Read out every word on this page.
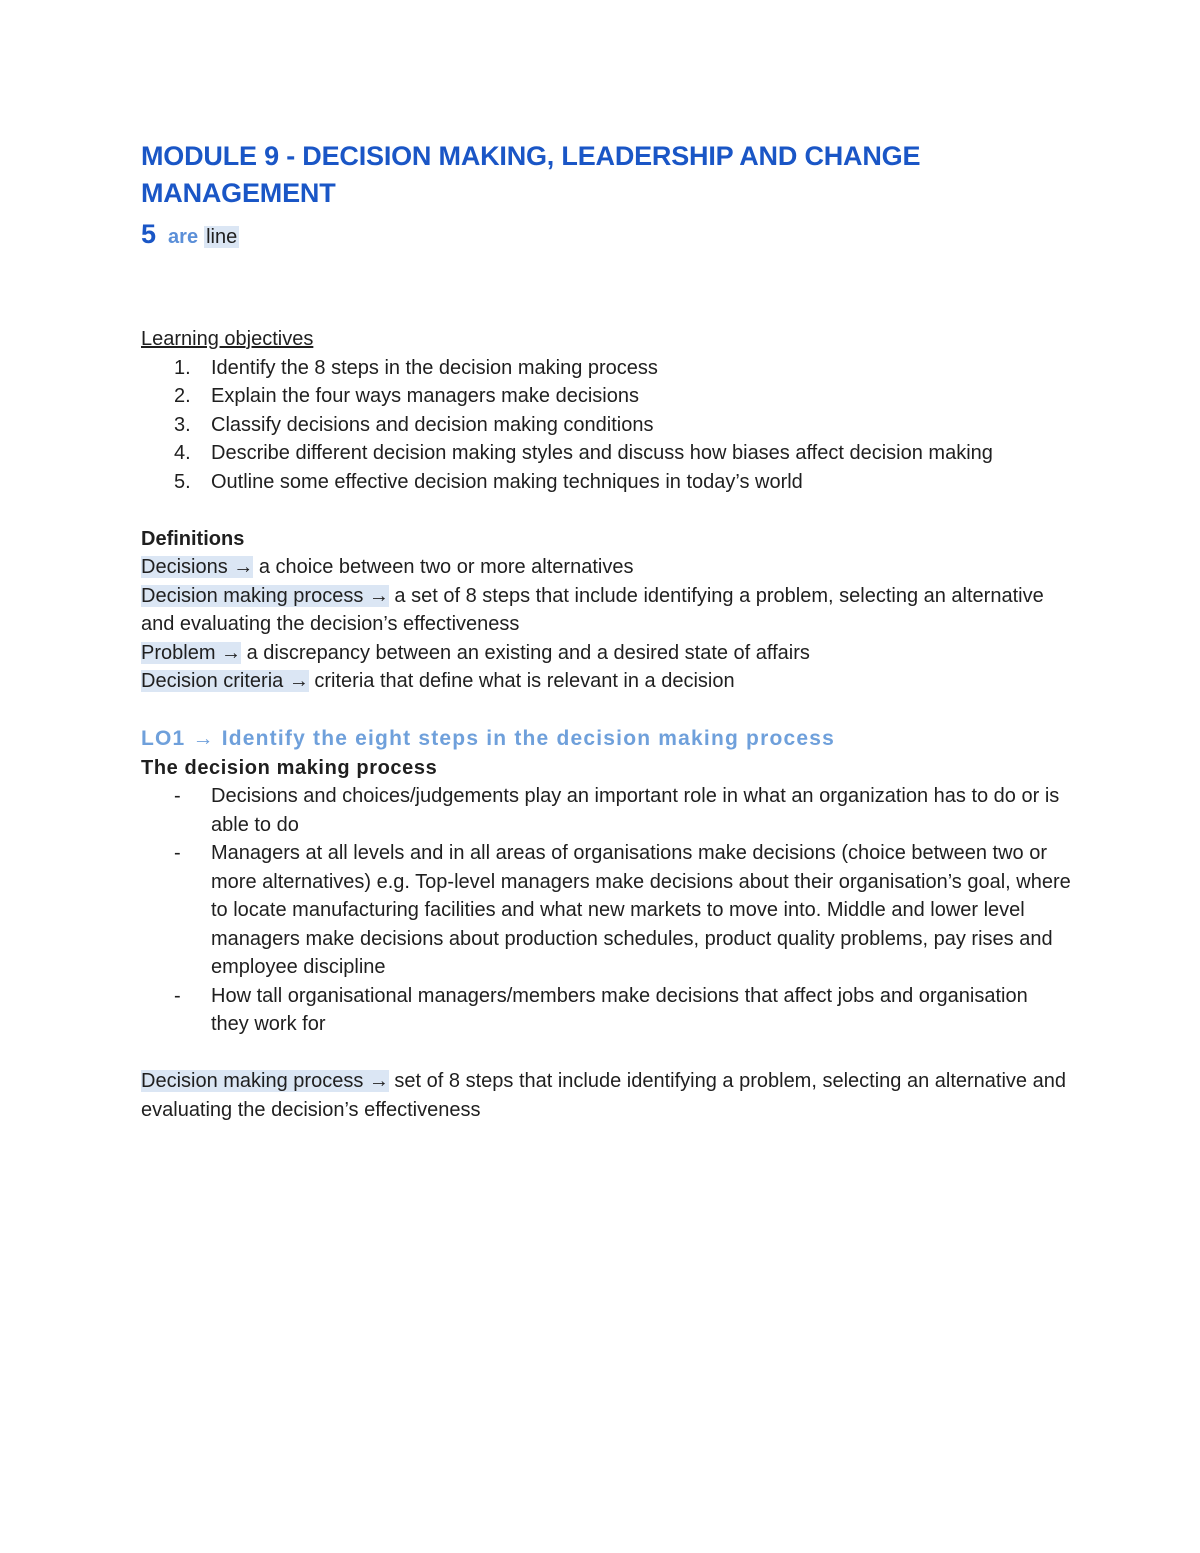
MODULE 9 - DECISION MAKING, LEADERSHIP AND CHANGE MANAGEMENT
5 are line
Learning objectives
1.	Identify the 8 steps in the decision making process
2.	Explain the four ways managers make decisions
3.	Classify decisions and decision making conditions
4.	Describe different decision making styles and discuss how biases affect decision making
5.	Outline some effective decision making techniques in today’s world
Definitions
Decisions → a choice between two or more alternatives
Decision making process → a set of 8 steps that include identifying a problem, selecting an alternative and evaluating the decision’s effectiveness
Problem → a discrepancy between an existing and a desired state of affairs
Decision criteria → criteria that define what is relevant in a decision
LO1 → Identify the eight steps in the decision making process
The decision making process
- Decisions and choices/judgements play an important role in what an organization has to do or is able to do
- Managers at all levels and in all areas of organisations make decisions (choice between two or more alternatives) e.g. Top-level managers make decisions about their organisation’s goal, where to locate manufacturing facilities and what new markets to move into. Middle and lower level managers make decisions about production schedules, product quality problems, pay rises and employee discipline
- How tall organisational managers/members make decisions that affect jobs and organisation they work for
Decision making process → set of 8 steps that include identifying a problem, selecting an alternative and evaluating the decision’s effectiveness
